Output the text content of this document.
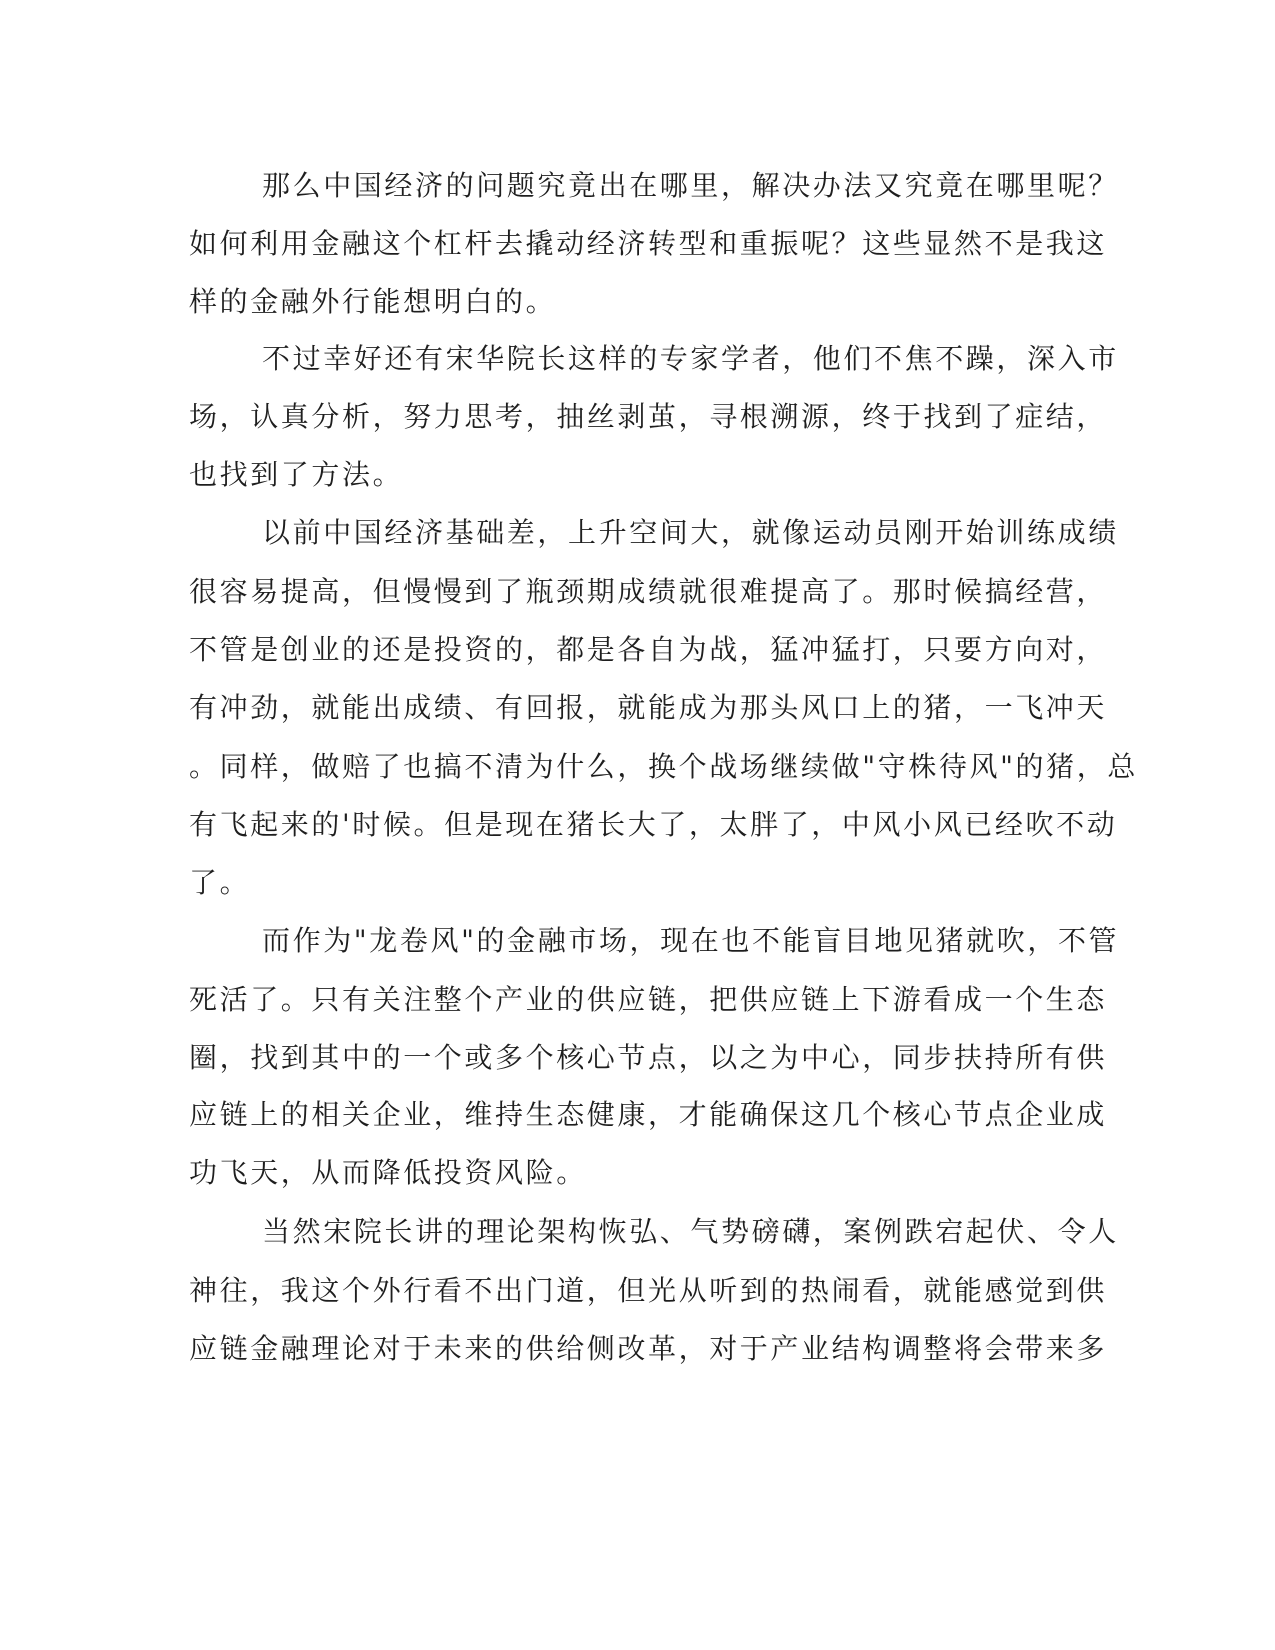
那么中国经济的问题究竟出在哪里，解决办法又究竟在哪里呢？
如何利用金融这个杠杆去撬动经济转型和重振呢？这些显然不是我这
样的金融外行能想明白的。
不过幸好还有宋华院长这样的专家学者，他们不焦不躁，深入市
场，认真分析，努力思考，抽丝剥茧，寻根溯源，终于找到了症结，
也找到了方法。
以前中国经济基础差，上升空间大，就像运动员刚开始训练成绩
很容易提高，但慢慢到了瓶颈期成绩就很难提高了。那时候搞经营，
不管是创业的还是投资的，都是各自为战，猛冲猛打，只要方向对，
有冲劲，就能出成绩、有回报，就能成为那头风口上的猪，一飞冲天
。同样，做赔了也搞不清为什么，换个战场继续做"守株待风"的猪，总
有飞起来的'时候。但是现在猪长大了，太胖了，中风小风已经吹不动
了。
而作为"龙卷风"的金融市场，现在也不能盲目地见猪就吹，不管
死活了。只有关注整个产业的供应链，把供应链上下游看成一个生态
圈，找到其中的一个或多个核心节点，以之为中心，同步扶持所有供
应链上的相关企业，维持生态健康，才能确保这几个核心节点企业成
功飞天，从而降低投资风险。
当然宋院长讲的理论架构恢弘、气势磅礴，案例跌宕起伏、令人
神往，我这个外行看不出门道，但光从听到的热闹看，就能感觉到供
应链金融理论对于未来的供给侧改革，对于产业结构调整将会带来多
